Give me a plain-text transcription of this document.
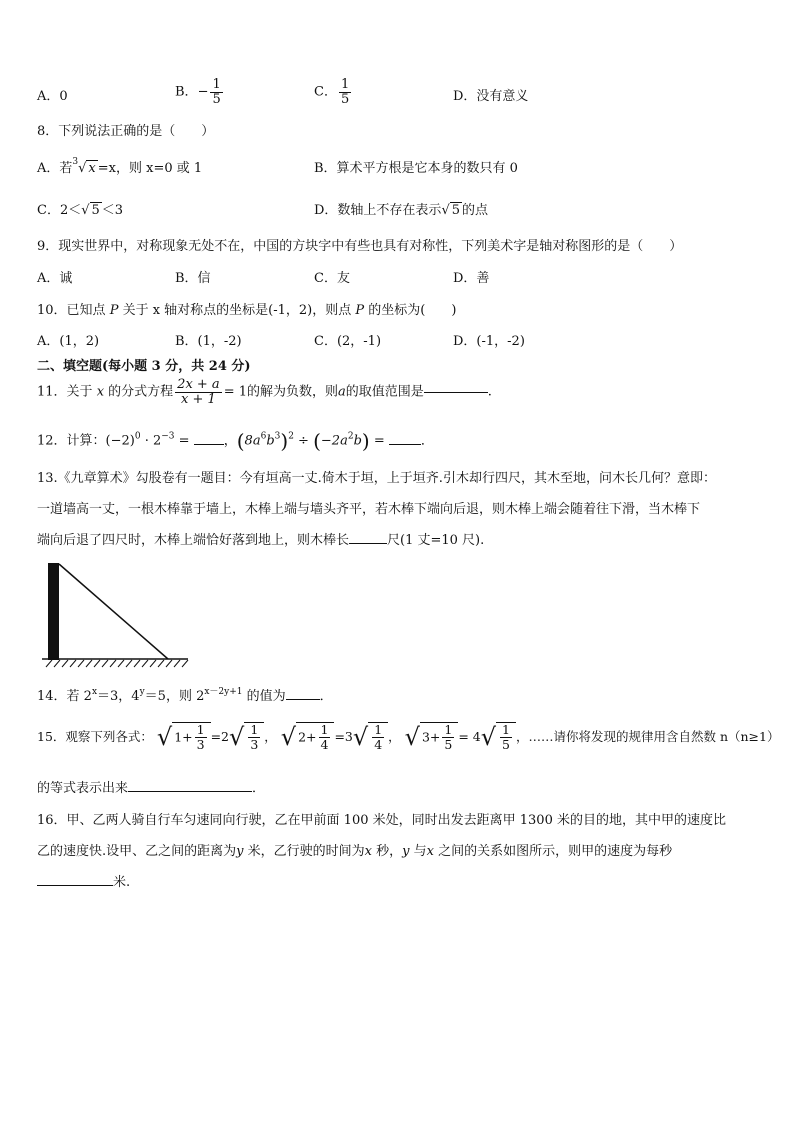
A．0	B．− $\frac{1}{5}$	C． $\frac{1}{5}$	D．没有意义
8．下列说法正确的是（　　）
A．若$^3$√ x =x，则 x=0 或 1	B．算术平方根是它本身的数只有 0
C．2＜√ 5 ＜3	D．数轴上不存在表示√ 5 的点
9．现实世界中，对称现象无处不在，中国的方块字中有些也具有对称性，下列美术字是轴对称图形的是（　　）
A．诚	B．信	C．友	D．善
10．已知点 P 关于 x 轴对称点的坐标是(-1，2)，则点 P 的坐标为(　　)
A．(1，2)	B．(1，-2)	C．(2，-1)	D．(-1，-2)
二、填空题(每小题 3 分，共 24 分)
11．关于 x 的分式方程 $\frac{2x + a}{x + 1} = 1$的解为负数，则a的取值范围是	.
12．计算：$(-2)^0 \cdot 2^{-3}$ = ，$(8a^6b^3)^2 \div (-2a^2b)$ = ．
13.《九章算术》勾股卷有一题目：今有垣高一丈.倚木于垣，上于垣齐.引木却行四尺，其木至地，问木长几何？意即：
一道墙高一丈，一根木棒靠于墙上，木棒上端与墙头齐平，若木棒下端向后退，则木棒上端会随着往下滑，当木棒下
端向后退了四尺时，木棒上端恰好落到地上，则木棒长	尺(1 丈=10 尺).
14．若 $2^x=3$，$4^y=5$，则 $2^{x-2y+1}$ 的值为	．
15．观察下列各式： √ $1+ \frac{1}{3} =2√ \frac{1}{3}$ ， √ $2+ \frac{1}{4} =3√ \frac{1}{4}$ ， √ $3+ \frac{1}{5} = 4√ \frac{1}{5}$ ，……请你将发现的规律用含自然数 n（n≥1）
的等式表示出来	．
16．甲、乙两人骑自行车匀速同向行驶，乙在甲前面 100 米处，同时出发去距离甲 1300 米的目的地，其中甲的速度比
乙的速度快.设甲、乙之间的距离为y 米，乙行驶的时间为x 秒，y 与x 之间的关系如图所示，则甲的速度为每秒
米.
